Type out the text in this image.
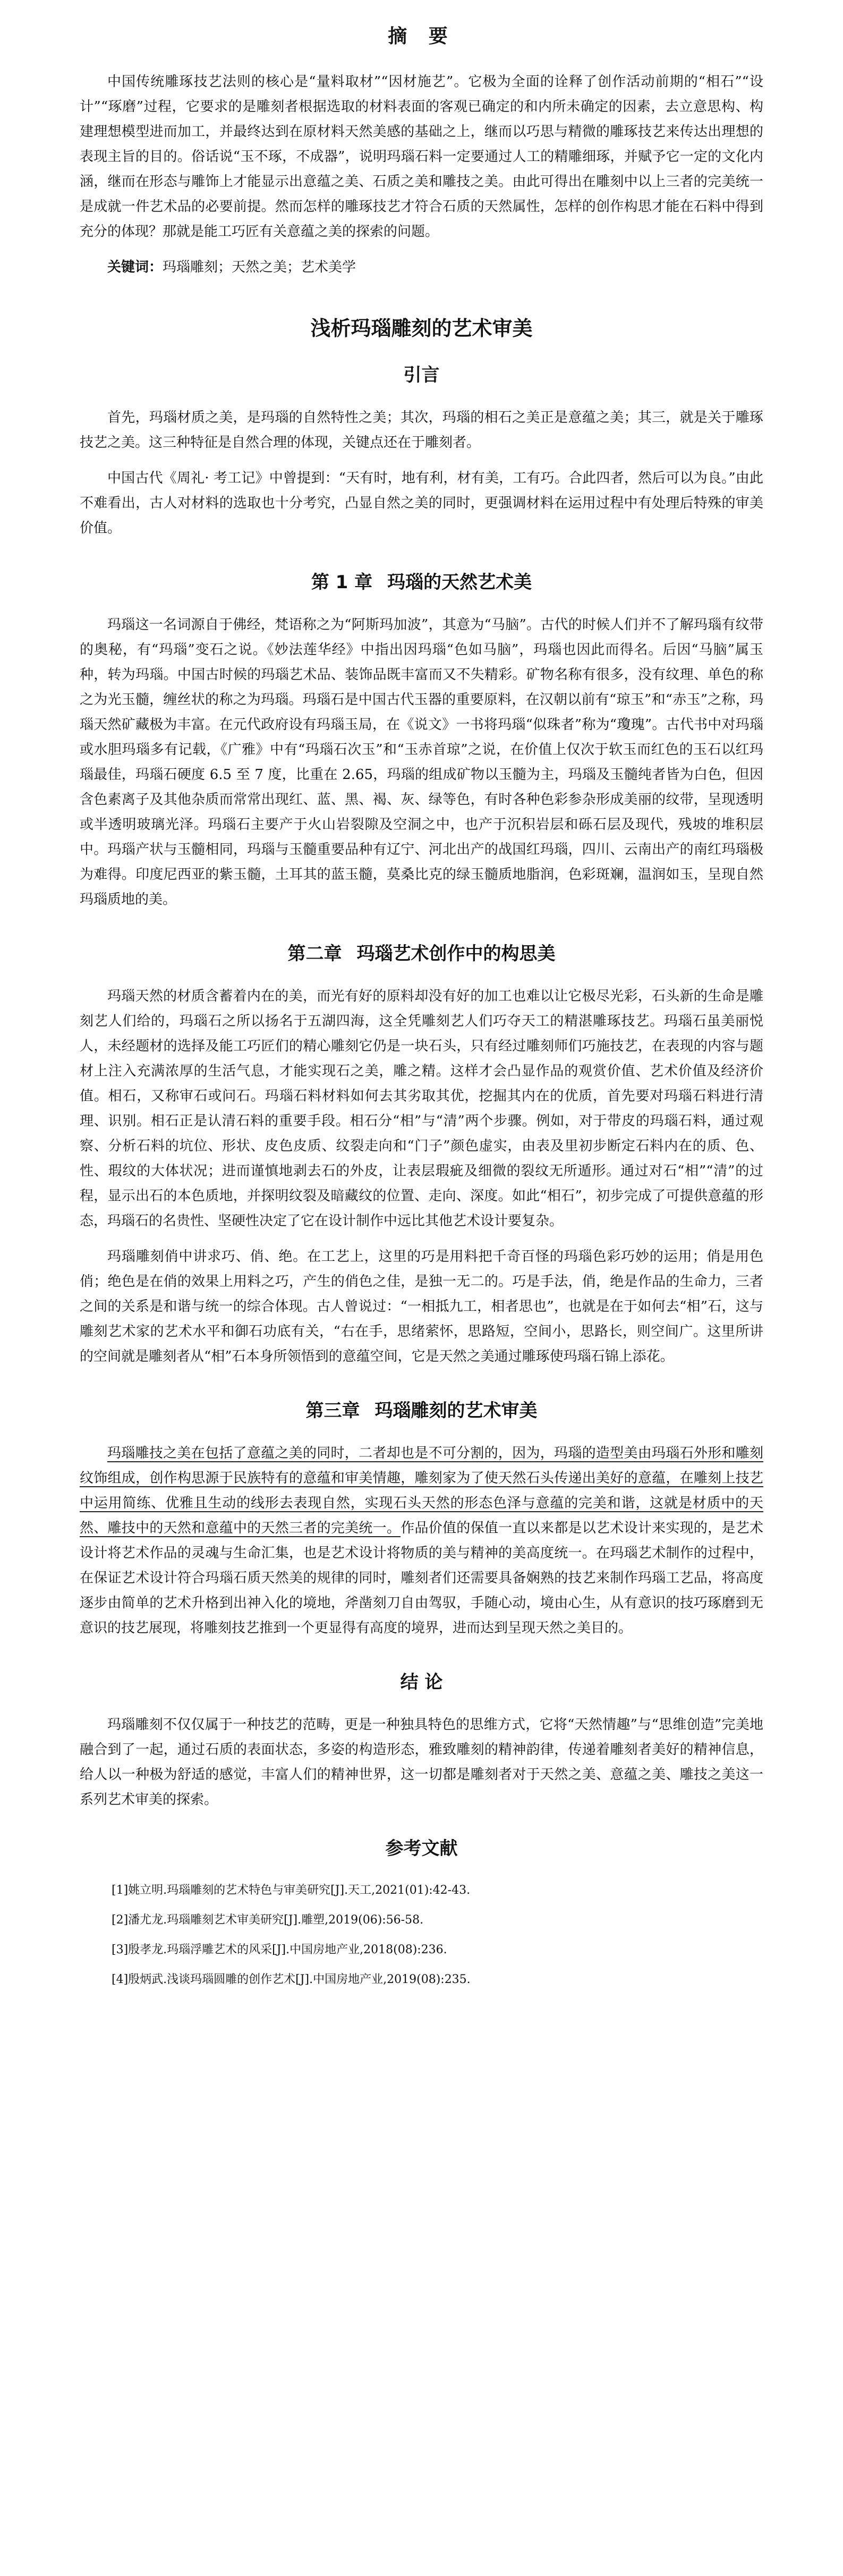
摘 要

中国传统雕琢技艺法则的核心是“量料取材”“因材施艺”。它极为全面的诠释了创作活动前期的“相石”“设计”“琢磨”过程，它要求的是雕刻者根据选取的材料表面的客观已确定的和内所未确定的因素，去立意思构、构建理想模型进而加工，并最终达到在原材料天然美感的基础之上，继而以巧思与精微的雕琢技艺来传达出理想的表现主旨的目的。俗话说“玉不琢，不成器”，说明玛瑙石料一定要通过人工的精雕细琢，并赋予它一定的文化内涵，继而在形态与雕饰上才能显示出意蕴之美、石质之美和雕技之美。由此可得出在雕刻中以上三者的完美统一是成就一件艺术品的必要前提。然而怎样的雕琢技艺才符合石质的天然属性，怎样的创作构思才能在石料中得到充分的体现？那就是能工巧匠有关意蕴之美的探索的问题。

关键词：玛瑙雕刻；天然之美；艺术美学
浅析玛瑙雕刻的艺术审美
引言

首先，玛瑙材质之美，是玛瑙的自然特性之美；其次，玛瑙的相石之美正是意蕴之美；其三，就是关于雕琢技艺之美。这三种特征是自然合理的体现，关键点还在于雕刻者。

中国古代《周礼· 考工记》中曾提到：“天有时，地有利，材有美，工有巧。合此四者，然后可以为良。”由此不难看出，古人对材料的选取也十分考究，凸显自然之美的同时，更强调材料在运用过程中有处理后特殊的审美价值。

第 1 章 玛瑙的天然艺术美

玛瑙这一名词源自于佛经，梵语称之为“阿斯玛加波”，其意为“马脑”。古代的时候人们并不了解玛瑙有纹带的奥秘，有“玛瑙”变石之说。《妙法莲华经》中指出因玛瑙“色如马脑”，玛瑙也因此而得名。后因“马脑”属玉种，转为玛瑙。中国古时候的玛瑙艺术品、装饰品既丰富而又不失精彩。矿物名称有很多，没有纹理、单色的称之为光玉髓，缠丝状的称之为玛瑙。玛瑙石是中国古代玉器的重要原料，在汉朝以前有“琼玉”和“赤玉”之称，玛瑙天然矿藏极为丰富。在元代政府设有玛瑙玉局，在《说文》一书将玛瑙“似珠者”称为“瓊瑰”。古代书中对玛瑙或水胆玛瑙多有记载，《广雅》中有“玛瑙石次玉”和“玉赤首琼”之说，在价值上仅次于软玉而红色的玉石以红玛瑙最佳，玛瑙石硬度 6.5 至 7 度，比重在 2.65，玛瑙的组成矿物以玉髓为主，玛瑙及玉髓纯者皆为白色，但因含色素离子及其他杂质而常常出现红、蓝、黑、褐、灰、绿等色，有时各种色彩参杂形成美丽的纹带，呈现透明或半透明玻璃光泽。玛瑙石主要产于火山岩裂隙及空洞之中，也产于沉积岩层和砾石层及现代，残坡的堆积层中。玛瑙产状与玉髓相同，玛瑙与玉髓重要品种有辽宁、河北出产的战国红玛瑙，四川、云南出产的南红玛瑙极为难得。印度尼西亚的紫玉髓，土耳其的蓝玉髓，莫桑比克的绿玉髓质地脂润，色彩斑斓，温润如玉，呈现自然玛瑙质地的美。

第二章 玛瑙艺术创作中的构思美

玛瑙天然的材质含蓄着内在的美，而光有好的原料却没有好的加工也难以让它极尽光彩，石头新的生命是雕刻艺人们给的，玛瑙石之所以扬名于五湖四海，这全凭雕刻艺人们巧夺天工的精湛雕琢技艺。玛瑙石虽美丽悦人，未经题材的选择及能工巧匠们的精心雕刻它仍是一块石头，只有经过雕刻师们巧施技艺，在表现的内容与题材上注入充满浓厚的生活气息，才能实现石之美，雕之精。这样才会凸显作品的观赏价值、艺术价值及经济价值。相石，又称审石或问石。玛瑙石料材料如何去其劣取其优，挖掘其内在的优质，首先要对玛瑙石料进行清理、识别。相石正是认清石料的重要手段。相石分“相”与“清”两个步骤。例如，对于带皮的玛瑙石料，通过观察、分析石料的坑位、形状、皮色皮质、纹裂走向和“门子”颜色虚实，由表及里初步断定石料内在的质、色、性、瑕纹的大体状况；进而谨慎地剥去石的外皮，让表层瑕疵及细微的裂纹无所遁形。通过对石“相”“清”的过程，显示出石的本色质地，并探明纹裂及暗藏纹的位置、走向、深度。如此“相石”，初步完成了可提供意蕴的形态，玛瑙石的名贵性、坚硬性决定了它在设计制作中远比其他艺术设计要复杂。

玛瑙雕刻俏中讲求巧、俏、绝。在工艺上，这里的巧是用料把千奇百怪的玛瑙色彩巧妙的运用；俏是用色俏；绝色是在俏的效果上用料之巧，产生的俏色之佳，是独一无二的。巧是手法，俏，绝是作品的生命力，三者之间的关系是和谐与统一的综合体现。古人曾说过：“一相抵九工，相者思也”，也就是在于如何去“相”石，这与雕刻艺术家的艺术水平和御石功底有关，“右在手，思绪萦怀，思路短，空间小，思路长，则空间广。这里所讲的空间就是雕刻者从“相”石本身所领悟到的意蕴空间，它是天然之美通过雕琢使玛瑙石锦上添花。

第三章 玛瑙雕刻的艺术审美

玛瑙雕技之美在包括了意蕴之美的同时，二者却也是不可分割的，因为，玛瑙的造型美由玛瑙石外形和雕刻纹饰组成，创作构思源于民族特有的意蕴和审美情趣，雕刻家为了使天然石头传递出美好的意蕴，在雕刻上技艺中运用简练、优雅且生动的线形去表现自然，实现石头天然的形态色泽与意蕴的完美和谐，这就是材质中的天然、雕技中的天然和意蕴中的天然三者的完美统一。作品价值的保值一直以来都是以艺术设计来实现的，是艺术设计将艺术作品的灵魂与生命汇集，也是艺术设计将物质的美与精神的美高度统一。在玛瑙艺术制作的过程中，在保证艺术设计符合玛瑙石质天然美的规律的同时，雕刻者们还需要具备娴熟的技艺来制作玛瑙工艺品，将高度逐步由简单的艺术升格到出神入化的境地，斧凿刻刀自由驾驭，手随心动，境由心生，从有意识的技巧琢磨到无意识的技艺展现，将雕刻技艺推到一个更显得有高度的境界，进而达到呈现天然之美目的。

结 论

玛瑙雕刻不仅仅属于一种技艺的范畴，更是一种独具特色的思维方式，它将“天然情趣”与“思维创造”完美地融合到了一起，通过石质的表面状态，多姿的构造形态，雅致雕刻的精神韵律，传递着雕刻者美好的精神信息，给人以一种极为舒适的感觉，丰富人们的精神世界，这一切都是雕刻者对于天然之美、意蕴之美、雕技之美这一系列艺术审美的探索。

参考文献
[1]姚立明.玛瑙雕刻的艺术特色与审美研究[J].天工,2021(01):42-43.
[2]潘尤龙.玛瑙雕刻艺术审美研究[J].雕塑,2019(06):56-58.
[3]殷孝龙.玛瑙浮雕艺术的风采[J].中国房地产业,2018(08):236.
[4]殷炳武.浅谈玛瑙圆雕的创作艺术[J].中国房地产业,2019(08):235.
